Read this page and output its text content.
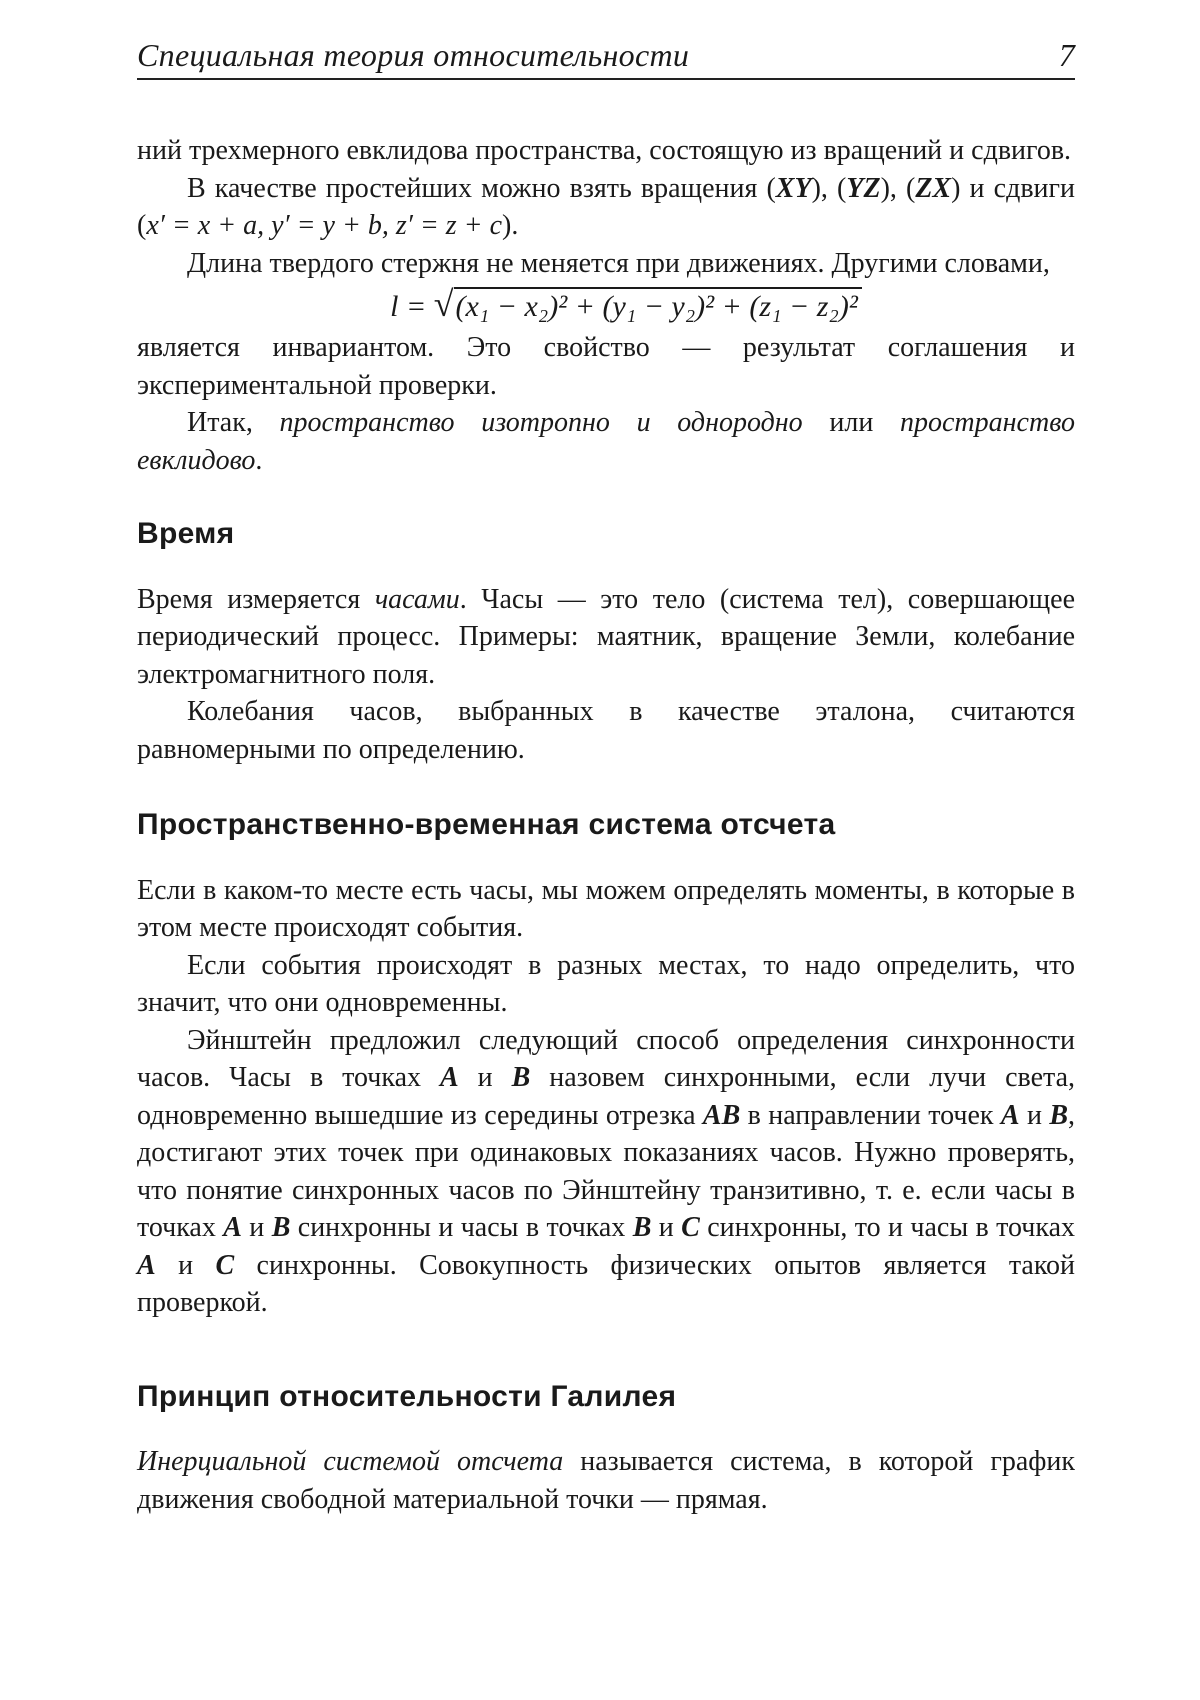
Специальная теория относительности	7

ний трехмерного евклидова пространства, состоящую из вращений и сдвигов.

В качестве простейших можно взять вращения (XY), (YZ), (ZX) и сдвиги (x′ = x + a, y′ = y + b, z′ = z + c).

Длина твердого стержня не меняется при движениях. Другими словами,

l = √(x₁ − x₂)² + (y₁ − y₂)² + (z₁ − z₂)²

является инвариантом. Это свойство — результат соглашения и экспериментальной проверки.

Итак, пространство изотропно и однородно или пространство евклидово.

Время

Время измеряется часами. Часы — это тело (система тел), совершающее периодический процесс. Примеры: маятник, вращение Земли, колебание электромагнитного поля.

Колебания часов, выбранных в качестве эталона, считаются равномерными по определению.

Пространственно-временная система отсчета

Если в каком-то месте есть часы, мы можем определять моменты, в которые в этом месте происходят события.

Если события происходят в разных местах, то надо определить, что значит, что они одновременны.

Эйнштейн предложил следующий способ определения синхронности часов. Часы в точках A и B назовем синхронными, если лучи света, одновременно вышедшие из середины отрезка AB в направлении точек A и B, достигают этих точек при одинаковых показаниях часов. Нужно проверять, что понятие синхронных часов по Эйнштейну транзитивно, т. е. если часы в точках A и B синхронны и часы в точках B и C синхронны, то и часы в точках A и C синхронны. Совокупность физических опытов является такой проверкой.

Принцип относительности Галилея

Инерциальной системой отсчета называется система, в которой график движения свободной материальной точки — прямая.
